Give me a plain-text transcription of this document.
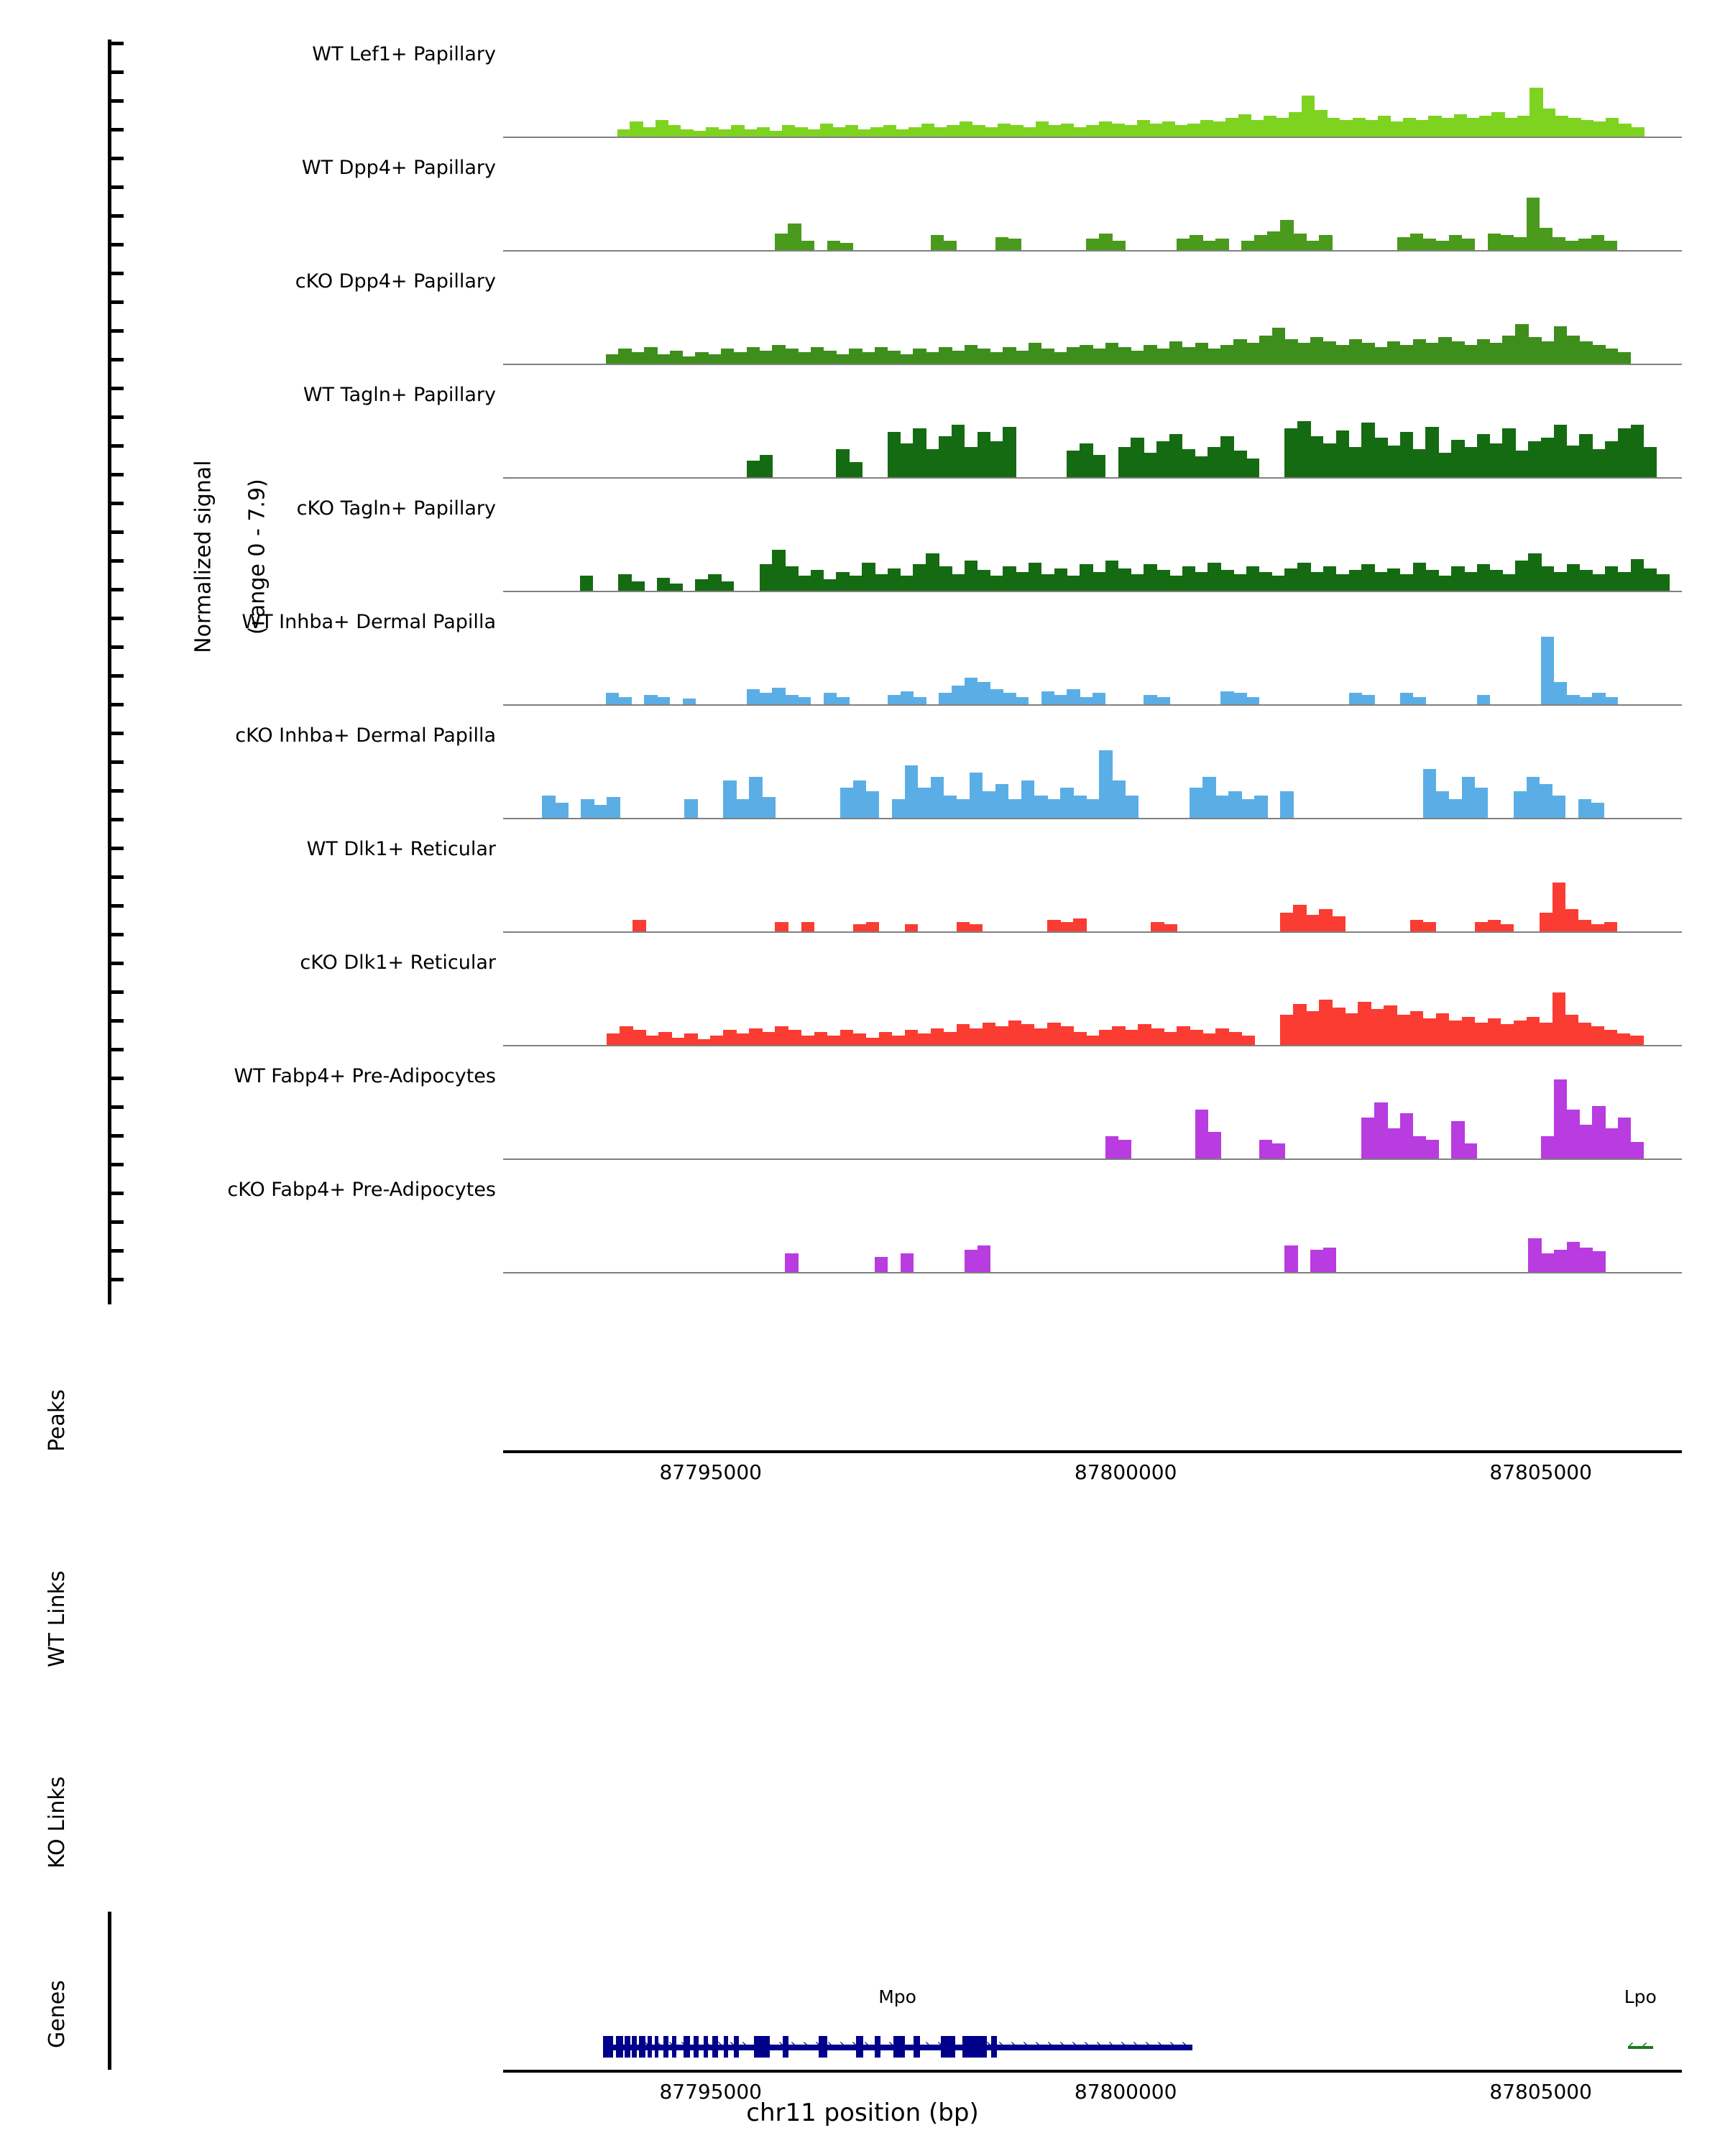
Normalized signal (range 0 - 7.9)

Peaks
WT Links
KO Links
Genes
WT Lef1+ Papillary
WT Dpp4+ Papillary
cKO Dpp4+ Papillary
WT Tagln+ Papillary
cKO Tagln+ Papillary
WT Inhba+ Dermal Papilla
cKO Inhba+ Dermal Papilla
WT Dlk1+ Reticular
cKO Dlk1+ Reticular
WT Fabp4+ Pre-Adipocytes
cKO Fabp4+ Pre-Adipocytes
87795000	87800000	87805000
87795000	87800000	87805000
chr11 position (bp)
Mpo
› › › › › › › › › › › › › › › › › › › › › › › › › › › › › › › › › › › › › › › › › › › › › › › ›
Lpo
‹ ‹
